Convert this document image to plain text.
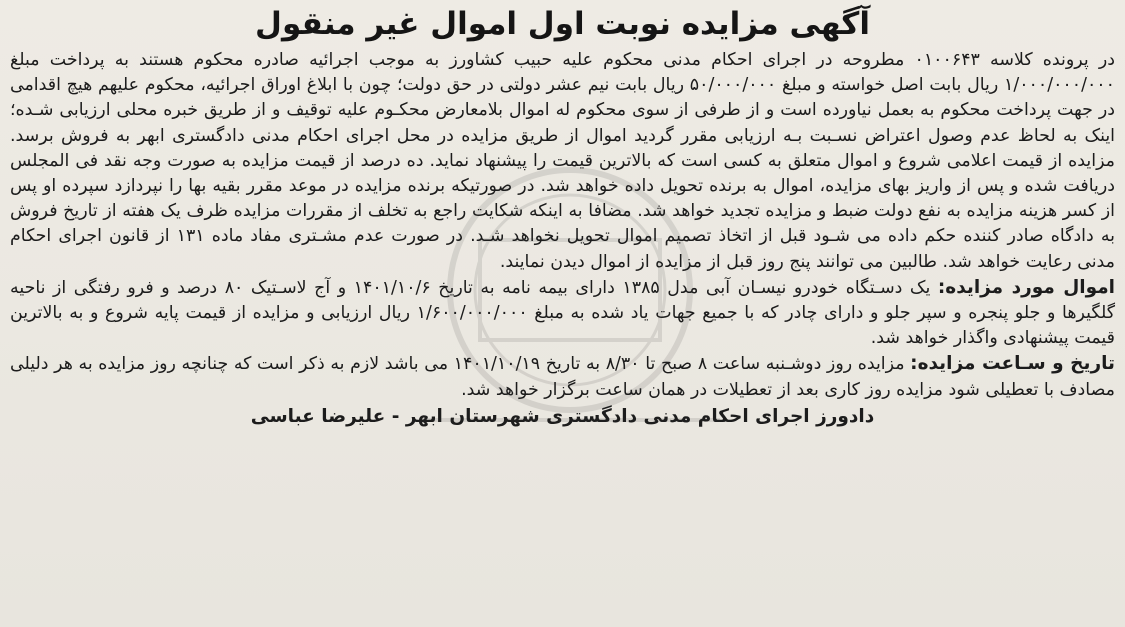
آگهی مزایده نوبت اول اموال غیر منقول
در پرونده کلاسه ۰۱۰۰۶۴۳ مطروحه در اجرای احکام مدنی محکوم علیه حبیب کشاورز به موجب اجرائیه صادره محکوم هستند به پرداخت مبلغ ۱/۰۰۰/۰۰۰/۰۰۰ ریال بابت اصل خواسته و مبلغ ۵۰/۰۰۰/۰۰۰ ریال بابت نیم عشر دولتی در حق دولت؛ چون با ابلاغ اوراق اجرائیه، محکوم علیهم هیچ اقدامی در جهت پرداخت محکوم به بعمل نیاورده است و از طرفی از سوی محکوم له اموال بلامعارض محکـوم علیه توقیف و از طریق خبره محلی ارزیابی شـده؛ اینک به لحاظ عدم وصول اعتراض نسـبت بـه ارزیابی مقرر گردید اموال از طریق مزایده در محل اجرای احکام مدنی دادگستری ابهر به فروش برسد. مزایده از قیمت اعلامی شروع و اموال متعلق به کسی است که بالاترین قیمت را پیشنهاد نماید. ده درصد از قیمت مزایده به صورت وجه نقد فی المجلس دریافت شده و پس از واریز بهای مزایده، اموال به برنده تحویل داده خواهد شد. در صورتیکه برنده مزایده در موعد مقرر بقیه بها را نپردازد سپرده او پس از کسر هزینه مزایده به نفع دولت ضبط و مزایده تجدید خواهد شد. مضافا به اینکه شکایت راجع به تخلف از مقررات مزایده ظرف یک هفته از تاریخ فروش به دادگاه صادر کننده حکم داده می شـود قبل از اتخاذ تصمیم اموال تحویل نخواهد شـد. در صورت عدم مشـتری مفاد ماده ۱۳۱ از قانون اجرای احکام مدنی رعایت خواهد شد. طالبین می توانند پنج روز قبل از مزایده از اموال دیدن نمایند.
اموال مورد مزایده: یک دسـتگاه خودرو نیسـان آبی مدل ۱۳۸۵ دارای بیمه نامه به تاریخ ۱۴۰۱/۱۰/۶ و آج لاسـتیک ۸۰ درصد و فرو رفتگی از ناحیه گلگیرها و جلو پنجره و سپر جلو و دارای چادر که با جمیع جهات یاد شده به مبلغ ۱/۶۰۰/۰۰۰/۰۰۰ ریال ارزیابی و مزایده از قیمت پایه شروع و به بالاترین قیمت پیشنهادی واگذار خواهد شد.
تاریخ و سـاعت مزایده: مزایده روز دوشـنبه ساعت ۸ صبح تا ۸/۳۰ به تاریخ ۱۴۰۱/۱۰/۱۹ می باشد لازم به ذکر است که چنانچه روز مزایده به هر دلیلی مصادف با تعطیلی شود مزایده روز کاری بعد از تعطیلات در همان ساعت برگزار خواهد شد.
دادورز اجرای احکام مدنی دادگستری شهرستان ابهر - علیرضا عباسی
